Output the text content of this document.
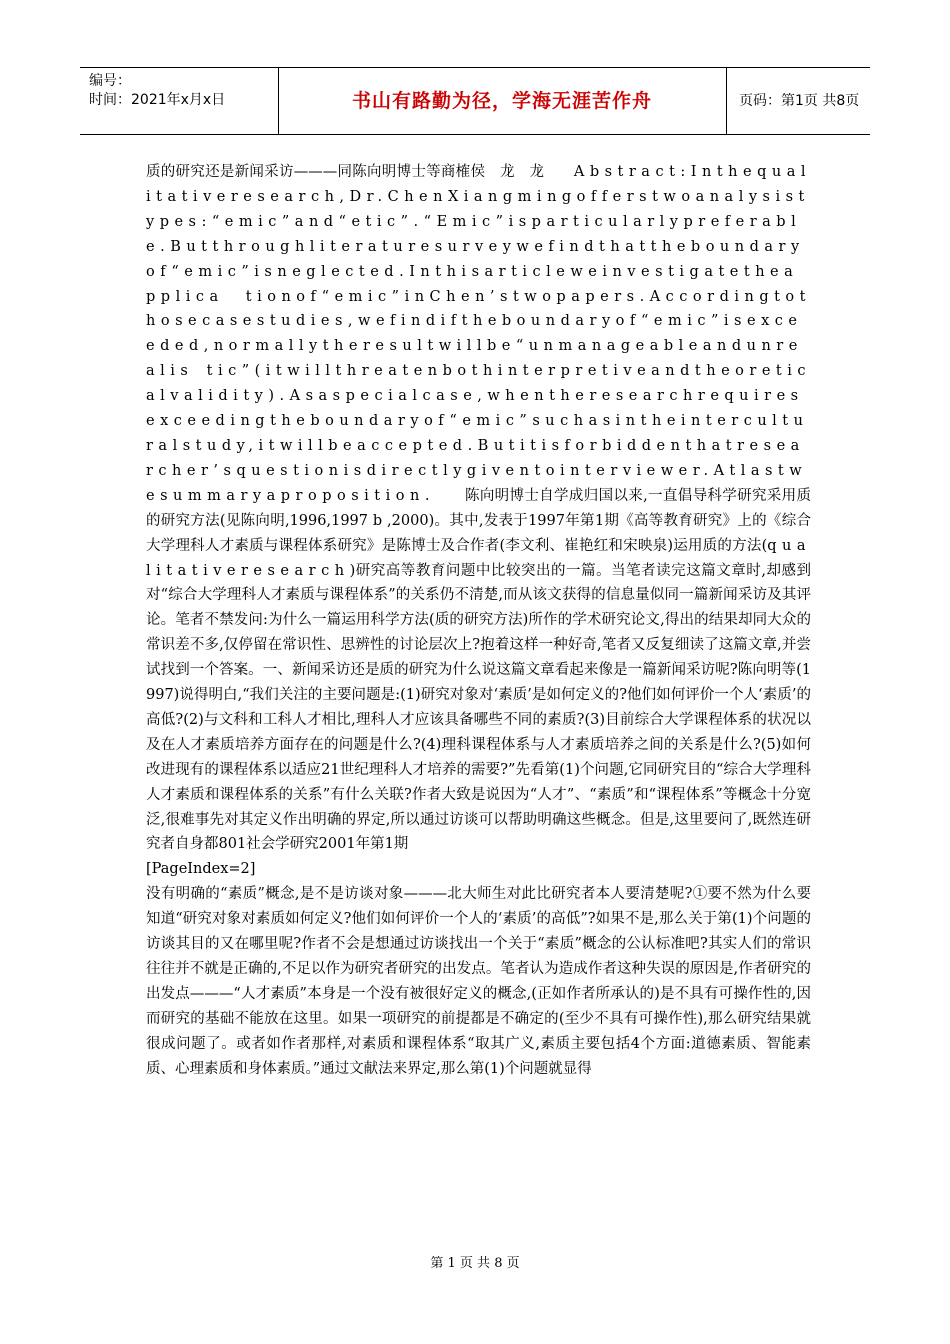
编号：
时间：2021年x月x日	书山有路勤为径，学海无涯苦作舟	页码：第1页 共8页

质的研究还是新闻采访———同陈向明博士等商榷侯　龙　龙　　 Abstract:Inthequalitativeresearch,Dr.ChenXiangmingofferstwoanalysistypes:“emic”and“etic”.“Emic”isparticularlypreferable.Butthroughliteraturesurveywefindthattheboundaryof“emic”isneglected.Inthisarticleweinvestigatetheapplica tionof“emic”inChen’stwopapers.Accordingtothosecasestudies,wefindiftheboundaryof“emic”isexceeded,normallytheresultwillbe“unmanageableandunrealis tic”(itwillthreatenbothinterpretiveandtheoreticalvalidity).Asaspecialcase,whentheresearchrequiresexceedingtheboundaryof“emic”suchasintheinterculturalstudy,itwillbeaccepted.Butitisforbiddenthatresearcher’squestionisdirectlygiventointerviewer.Atlastwesummaryaproposition.　　 陈向明博士自学成归国以来,一直倡导科学研究采用质的研究方法(见陈向明,1996,1997 b ,2000)。其中,发表于1997年第1期《高等教育研究》上的《综合大学理科人才素质与课程体系研究》是陈博士及合作者(李文利、崔艳红和宋映泉)运用质的方法(qualitativeresearch)研究高等教育问题中比较突出的一篇。当笔者读完这篇文章时,却感到对“综合大学理科人才素质与课程体系”的关系仍不清楚,而从该文获得的信息量似同一篇新闻采访及其评论。笔者不禁发问:为什么一篇运用科学方法(质的研究方法)所作的学术研究论文,得出的结果却同大众的常识差不多,仅停留在常识性、思辨性的讨论层次上?抱着这样一种好奇,笔者又反复细读了这篇文章,并尝试找到一个答案。一、新闻采访还是质的研究为什么说这篇文章看起来像是一篇新闻采访呢?陈向明等(1997)说得明白,“我们关注的主要问题是:(1)研究对象对‘素质’是如何定义的?他们如何评价一个人‘素质’的高低?(2)与文科和工科人才相比,理科人才应该具备哪些不同的素质?(3)目前综合大学课程体系的状况以及在人才素质培养方面存在的问题是什么?(4)理科课程体系与人才素质培养之间的关系是什么?(5)如何改进现有的课程体系以适应21世纪理科人才培养的需要?”先看第(1)个问题,它同研究目的“综合大学理科人才素质和课程体系的关系”有什么关联?作者大致是说因为“人才”、“素质”和“课程体系”等概念十分宽泛,很难事先对其定义作出明确的界定,所以通过访谈可以帮助明确这些概念。但是,这里要问了,既然连研究者自身都801社会学研究2001年第1期

[PageIndex=2]

没有明确的“素质”概念,是不是访谈对象———北大师生对此比研究者本人要清楚呢?①要不然为什么要知道“研究对象对素质如何定义?他们如何评价一个人的‘素质’的高低”?如果不是,那么关于第(1)个问题的访谈其目的又在哪里呢?作者不会是想通过访谈找出一个关于“素质”概念的公认标准吧?其实人们的常识往往并不就是正确的,不足以作为研究者研究的出发点。笔者认为造成作者这种失误的原因是,作者研究的出发点———“人才素质”本身是一个没有被很好定义的概念,(正如作者所承认的)是不具有可操作性的,因而研究的基础不能放在这里。如果一项研究的前提都是不确定的(至少不具有可操作性),那么研究结果就很成问题了。或者如作者那样,对素质和课程体系“取其广义,素质主要包括4个方面:道德素质、智能素质、心理素质和身体素质。”通过文献法来界定,那么第(1)个问题就显得

第 1 页 共 8 页
